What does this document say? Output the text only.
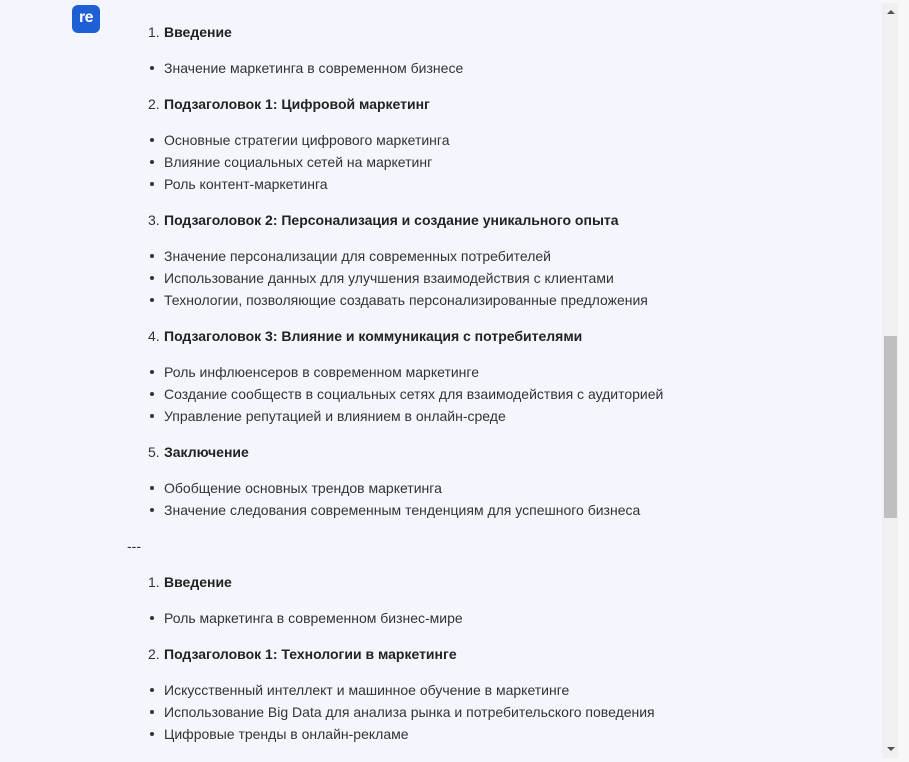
re
1. Введение
Значение маркетинга в современном бизнесе
2. Подзаголовок 1: Цифровой маркетинг
Основные стратегии цифрового маркетинга
Влияние социальных сетей на маркетинг
Роль контент-маркетинга
3. Подзаголовок 2: Персонализация и создание уникального опыта
Значение персонализации для современных потребителей
Использование данных для улучшения взаимодействия с клиентами
Технологии, позволяющие создавать персонализированные предложения
4. Подзаголовок 3: Влияние и коммуникация с потребителями
Роль инфлюенсеров в современном маркетинге
Создание сообществ в социальных сетях для взаимодействия с аудиторией
Управление репутацией и влиянием в онлайн-среде
5. Заключение
Обобщение основных трендов маркетинга
Значение следования современным тенденциям для успешного бизнеса
---
1. Введение
Роль маркетинга в современном бизнес-мире
2. Подзаголовок 1: Технологии в маркетинге
Искусственный интеллект и машинное обучение в маркетинге
Использование Big Data для анализа рынка и потребительского поведения
Цифровые тренды в онлайн-рекламе
